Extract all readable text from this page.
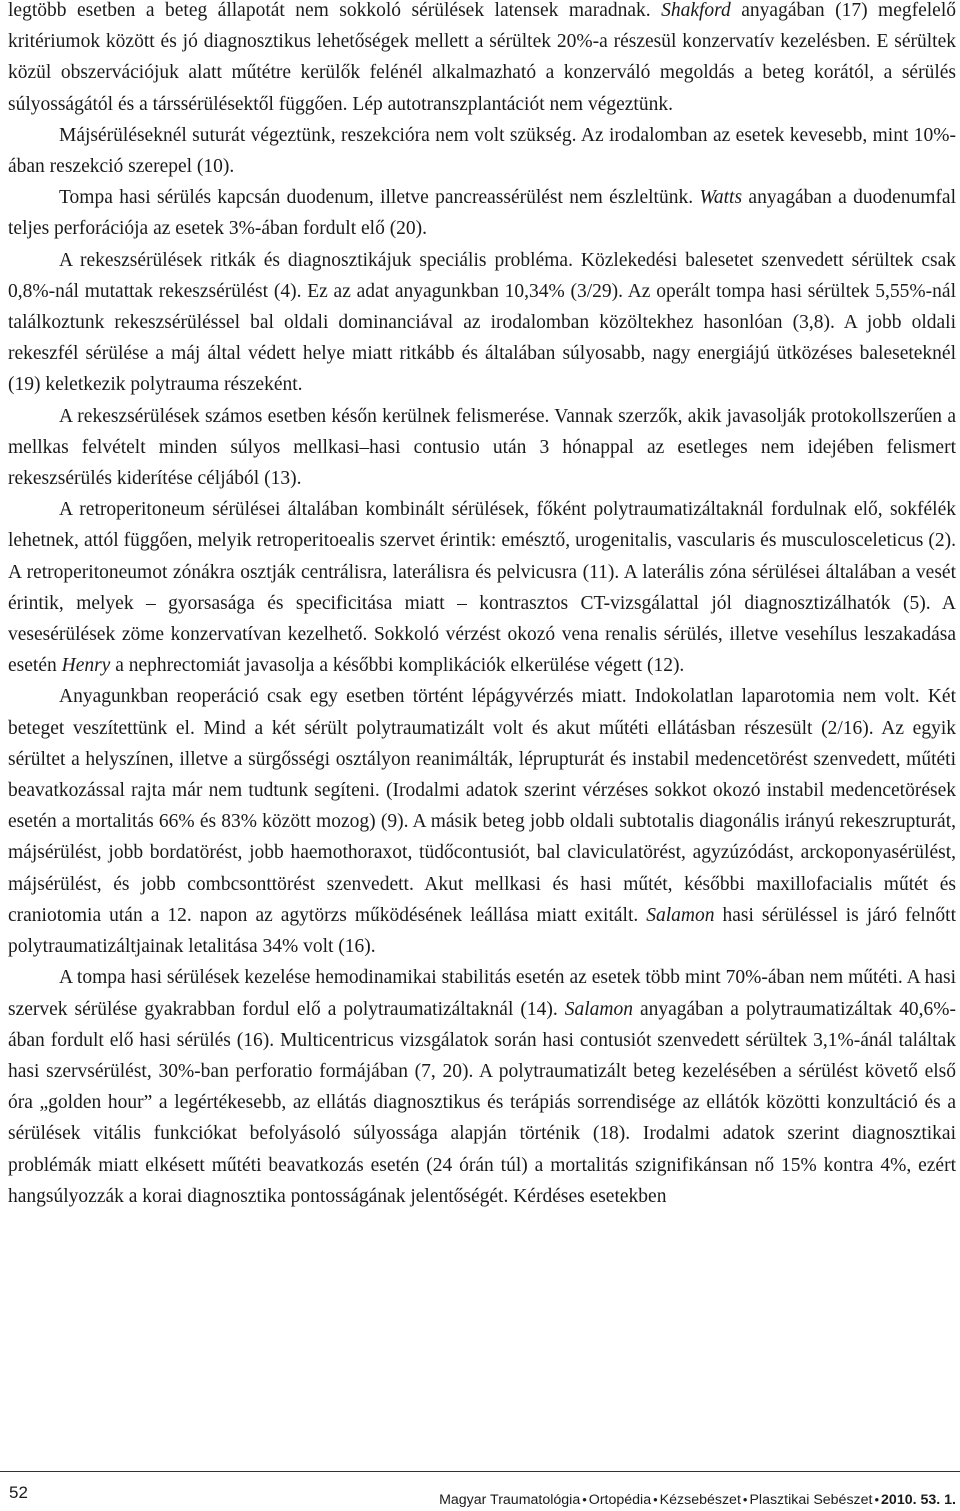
legtöbb esetben a beteg állapotát nem sokkoló sérülések latensek maradnak. Shakford anyagában (17) megfelelő kritériumok között és jó diagnosztikus lehetőségek mellett a sérültek 20%-a részesül konzervatív kezelésben. E sérültek közül obszervációjuk alatt műtétre kerülők felénél alkalmazható a konzerváló megoldás a beteg korától, a sérülés súlyosságától és a társsérülésektől függően. Lép autotranszplantációt nem végeztünk.

Májsérüléseknél suturát végeztünk, reszekcióra nem volt szükség. Az irodalomban az esetek kevesebb, mint 10%-ában reszekció szerepel (10).

Tompa hasi sérülés kapcsán duodenum, illetve pancreassérülést nem észleltünk. Watts anyagában a duodenumfal teljes perforációja az esetek 3%-ában fordult elő (20).

A rekeszsérülések ritkák és diagnosztikájuk speciális probléma. Közlekedési balesetet szenvedett sérültek csak 0,8%-nál mutattak rekeszsérülést (4). Ez az adat anyagunkban 10,34% (3/29). Az operált tompa hasi sérültek 5,55%-nál találkoztunk rekeszsérüléssel bal oldali dominanciával az irodalomban közöltekhez hasonlóan (3,8). A jobb oldali rekeszfél sérülése a máj által védett helye miatt ritkább és általában súlyosabb, nagy energiájú ütközéses baleseteknél (19) keletkezik polytrauma részeként.

A rekeszsérülések számos esetben későn kerülnek felismerése. Vannak szerzők, akik javasolják protokollszerűen a mellkas felvételt minden súlyos mellkasi–hasi contusio után 3 hónappal az esetleges nem idejében felismert rekeszsérülés kiderítése céljából (13).

A retroperitoneum sérülései általában kombinált sérülések, főként polytraumatizáltaknál fordulnak elő, sokfélék lehetnek, attól függően, melyik retroperitoealis szervet érintik: emésztő, urogenitalis, vascularis és musculosceleticus (2). A retroperitoneumot zónákra osztják centrálisra, laterálisra és pelvicusra (11). A laterális zóna sérülései általában a vesét érintik, melyek – gyorsasága és specificitása miatt – kontrasztos CT-vizsgálattal jól diagnosztizálhatók (5). A vesesérülések zöme konzervatívan kezelhető. Sokkoló vérzést okozó vena renalis sérülés, illetve vesehílus leszakadása esetén Henry a nephrectomiát javasolja a későbbi komplikációk elkerülése végett (12).

Anyagunkban reoperáció csak egy esetben történt lépágyvérzés miatt. Indokolatlan laparotomia nem volt. Két beteget veszítettünk el. Mind a két sérült polytraumatizált volt és akut műtéti ellátásban részesült (2/16). Az egyik sérültet a helyszínen, illetve a sürgősségi osztályon reanimálták, léprupturát és instabil medencetörést szenvedett, műtéti beavatkozással rajta már nem tudtunk segíteni. (Irodalmi adatok szerint vérzéses sokkot okozó instabil medencetörések esetén a mortalitás 66% és 83% között mozog) (9). A másik beteg jobb oldali subtotalis diagonális irányú rekeszrupturát, májsérülést, jobb bordatörést, jobb haemothoraxot, tüdőcontusiót, bal claviculatörést, agyzúzódást, arckoponyasérülést, májsérülést, és jobb combcsonttörést szenvedett. Akut mellkasi és hasi műtét, későbbi maxillofacialis műtét és craniotomia után a 12. napon az agytörzs működésének leállása miatt exitált. Salamon hasi sérüléssel is járó felnőtt polytraumatizáltjainak letalitása 34% volt (16).

A tompa hasi sérülések kezelése hemodinamikai stabilitás esetén az esetek több mint 70%-ában nem műtéti. A hasi szervek sérülése gyakrabban fordul elő a polytraumatizáltaknál (14). Salamon anyagában a polytraumatizáltak 40,6%-ában fordult elő hasi sérülés (16). Multicentricus vizsgálatok során hasi contusiót szenvedett sérültek 3,1%-ánál találtak hasi szervsérülést, 30%-ban perforatio formájában (7, 20). A polytraumatizált beteg kezelésében a sérülést követő első óra „golden hour” a legértékesebb, az ellátás diagnosztikus és terápiás sorrendisége az ellátók közötti konzultáció és a sérülések vitális funkciókat befolyásoló súlyossága alapján történik (18). Irodalmi adatok szerint diagnosztikai problémák miatt elkésett műtéti beavatkozás esetén (24 órán túl) a mortalitás szignifikánsan nő 15% kontra 4%, ezért hangsúlyozzák a korai diagnosztika pontosságának jelentőségét. Kérdéses esetekben

52	Magyar Traumatológia • Ortopédia • Kézsebészet • Plasztikai Sebészet • 2010. 53. 1.
